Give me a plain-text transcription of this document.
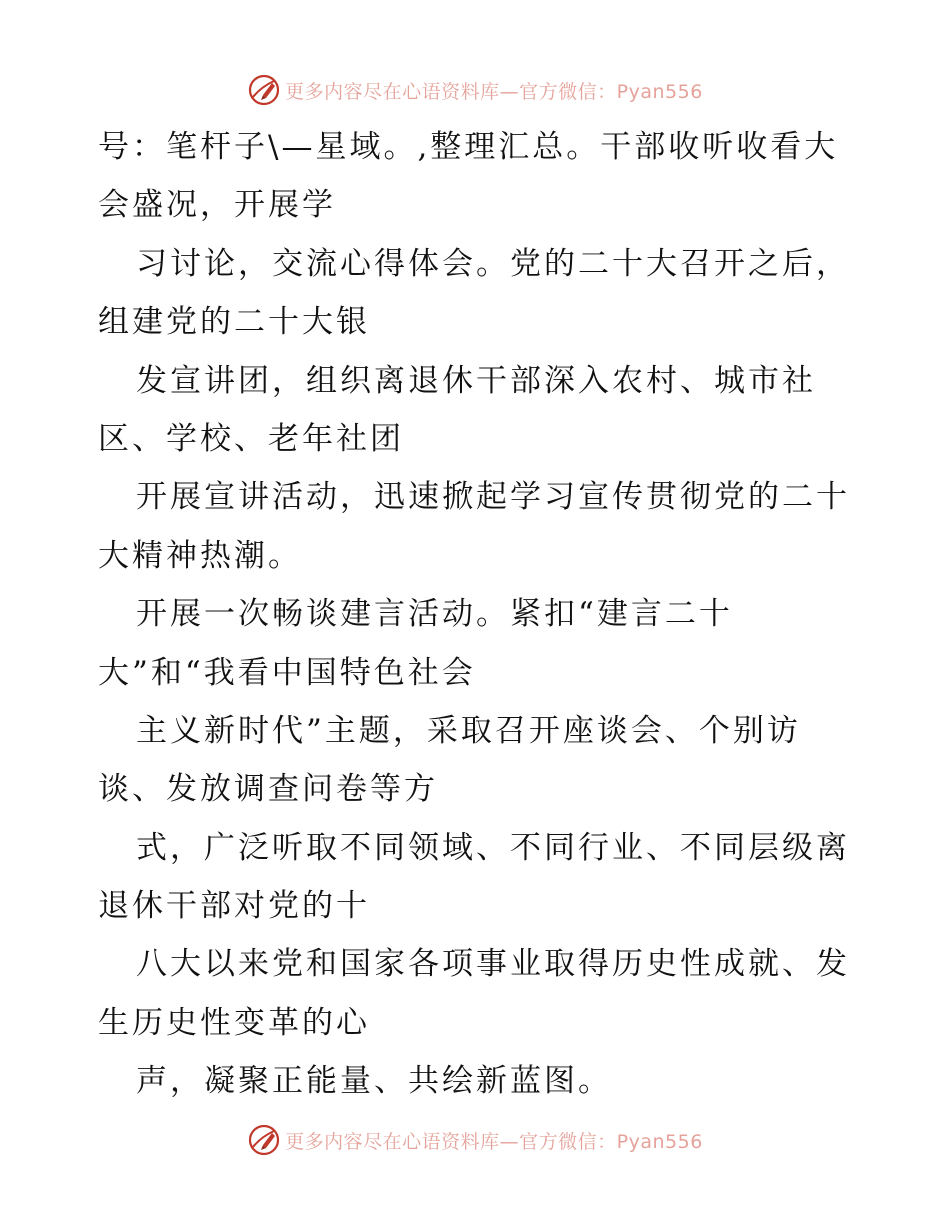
更多内容尽在心语资料库—官方微信：Pyan556
号：笔杆子\—星域。,整理汇总。干部收听收看大
会盛况，开展学
习讨论，交流心得体会。党的二十大召开之后，
组建党的二十大银
发宣讲团，组织离退休干部深入农村、城市社
区、学校、老年社团
开展宣讲活动，迅速掀起学习宣传贯彻党的二十
大精神热潮。
开展一次畅谈建言活动。紧扣“建言二十
大”和“我看中国特色社会
主义新时代”主题，采取召开座谈会、个别访
谈、发放调查问卷等方
式，广泛听取不同领域、不同行业、不同层级离
退休干部对党的十
八大以来党和国家各项事业取得历史性成就、发
生历史性变革的心
声，凝聚正能量、共绘新蓝图。
更多内容尽在心语资料库—官方微信：Pyan556
